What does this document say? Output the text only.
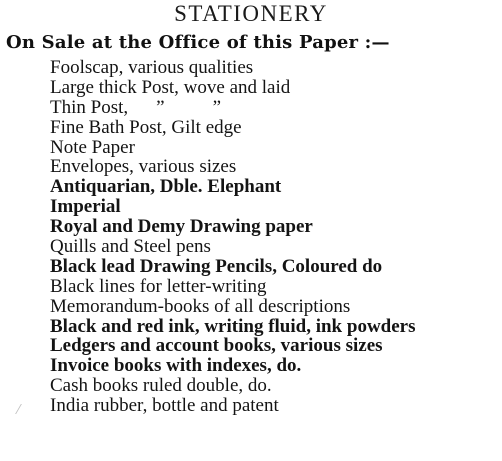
STATIONERY
On Sale at the Office of this Paper :—
Foolscap, various qualities
Large thick Post, wove and laid
Thin Post, ”	”
Fine Bath Post, Gilt edge
Note Paper
Envelopes, various sizes
Antiquarian, Dble. Elephant
Imperial
Royal and Demy Drawing paper
Quills and Steel pens
Black lead Drawing Pencils, Coloured do
Black lines for letter-writing
Memorandum-books of all descriptions
Black and red ink, writing fluid, ink powders
Ledgers and account books, various sizes
Invoice books with indexes, do.
Cash books ruled double, do.
India rubber, bottle and patent
